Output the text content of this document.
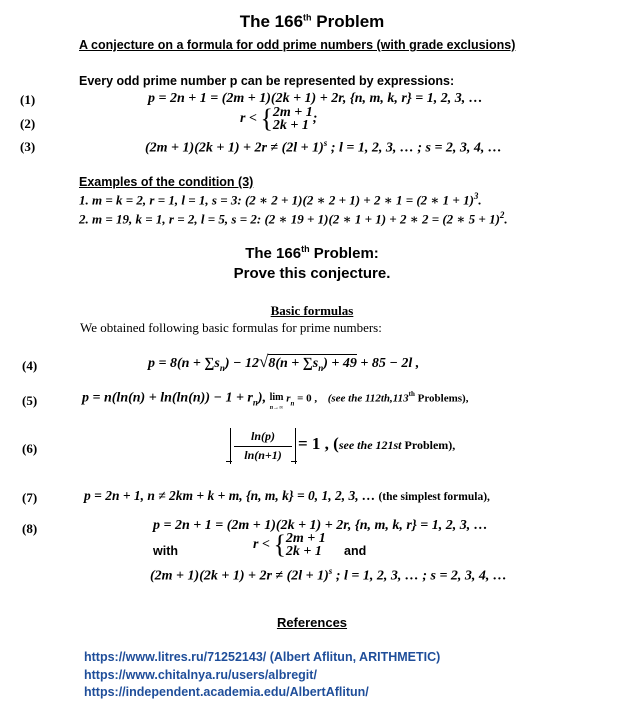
The 166th Problem
A conjecture on a formula for odd prime numbers (with grade exclusions)
Every odd prime number p can be represented by expressions:
(1)	p = 2n + 1 = (2m + 1)(2k + 1) + 2r, {n, m, k, r} = 1, 2, 3, …
(2)	r < {2m + 1
2k + 1 ;
(3)	$(2m + 1)(2k + 1) + 2r \ne (2l + 1)^s$ ; l = 1, 2, 3, … ; s = 2, 3, 4, …
Examples of the condition (3)
1. m = k = 2, r = 1, l = 1, s = 3: (2 ∗ 2 + 1)(2 ∗ 2 + 1) + 2 ∗ 1 = (2 ∗ 1 + 1)$^3$.
2. m = 19, k = 1, r = 2, l = 5, s = 2: (2 ∗ 19 + 1)(2 ∗ 1 + 1) + 2 ∗ 2 = (2 ∗ 5 + 1)$^2$.
The 166th Problem:
Prove this conjecture.
Basic formulas
We obtained following basic formulas for prime numbers:
(4)	$p = 8(n + \sum s_n) - 12√8(n + \sum s_n) + 49 + 85 - 2l$ ,
(5)	$p = n(\ln(n) + \ln(\ln(n)) - 1 + r_n)$, lim
n→∞ $r_n = 0$ , (see the 112th,113th Problems),
(6)
ln(p)
ln(n+1)
= 1 , (see the 121st Problem),
(7)	p = 2n + 1, n ≠ 2km + k + m, {n, m, k} = 0, 1, 2, 3, … (the simplest formula),
(8)	p = 2n + 1 = (2m + 1)(2k + 1) + 2r, {n, m, k, r} = 1, 2, 3, …
with	r < {2m + 1
2k + 1	and
$(2m + 1)(2k + 1) + 2r \ne (2l + 1)^s$ ; l = 1, 2, 3, … ; s = 2, 3, 4, …
References
https://www.litres.ru/71252143/ (Albert Aflitun, ARITHMETIC)
https://www.chitalnya.ru/users/albregit/
https://independent.academia.edu/AlbertAflitun/
